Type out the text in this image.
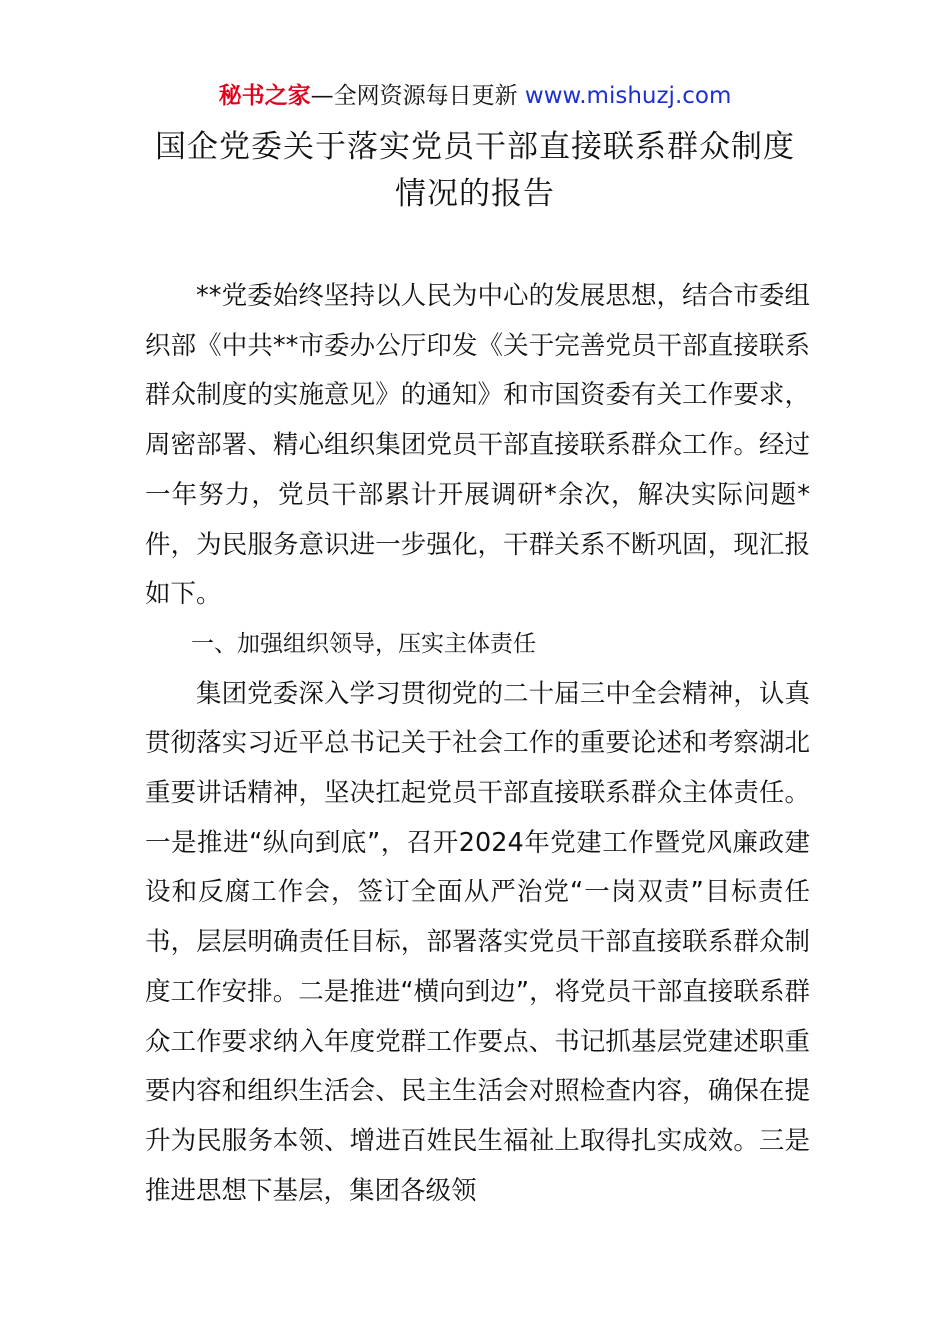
秘书之家—全网资源每日更新 www.mishuzj.com
国企党委关于落实党员干部直接联系群众制度
情况的报告

**党委始终坚持以人民为中心的发展思想，结合市委组织部《中共**市委办公厅印发《关于完善党员干部直接联系群众制度的实施意见》的通知》和市国资委有关工作要求，周密部署、精心组织集团党员干部直接联系群众工作。经过一年努力，党员干部累计开展调研*余次，解决实际问题*件，为民服务意识进一步强化，干群关系不断巩固，现汇报如下。

一、加强组织领导，压实主体责任

集团党委深入学习贯彻党的二十届三中全会精神，认真贯彻落实习近平总书记关于社会工作的重要论述和考察湖北重要讲话精神，坚决扛起党员干部直接联系群众主体责任。一是推进“纵向到底”，召开2024年党建工作暨党风廉政建设和反腐工作会，签订全面从严治党“一岗双责”目标责任书，层层明确责任目标，部署落实党员干部直接联系群众制度工作安排。二是推进“横向到边”，将党员干部直接联系群众工作要求纳入年度党群工作要点、书记抓基层党建述职重要内容和组织生活会、民主生活会对照检查内容，确保在提升为民服务本领、增进百姓民生福祉上取得扎实成效。三是推进思想下基层，集团各级领
